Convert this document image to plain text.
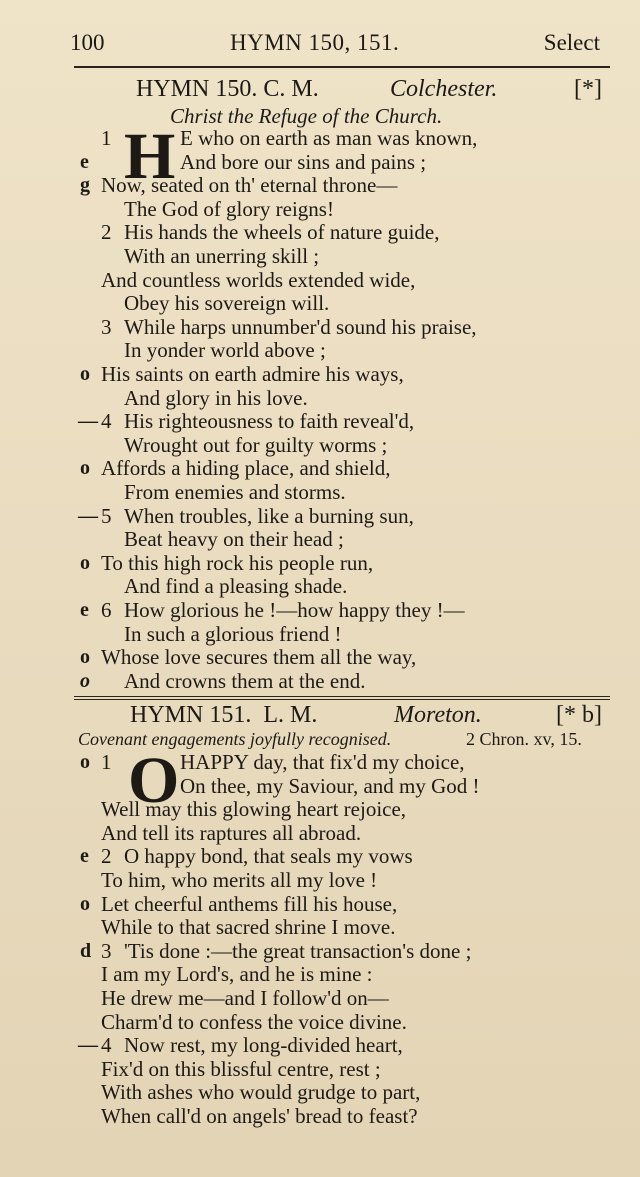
100	HYMN 150, 151.	Select
HYMN 150. C. M.	Colchester.	[*]
Christ the Refuge of the Church.
H
1	E who on earth as man was known,
e	And bore our sins and pains ;
g Now, seated on th' eternal throne—
The God of glory reigns!
2 His hands the wheels of nature guide,
With an unerring skill ;
And countless worlds extended wide,
Obey his sovereign will.
3 While harps unnumber'd sound his praise,
In yonder world above ;
o His saints on earth admire his ways,
And glory in his love.
— 4 His righteousness to faith reveal'd,
Wrought out for guilty worms ;
o Affords a hiding place, and shield,
From enemies and storms.
— 5 When troubles, like a burning sun,
Beat heavy on their head ;
o To this high rock his people run,
And find a pleasing shade.
e 6 How glorious he !—how happy they !—
In such a glorious friend !
o Whose love secures them all the way,
o And crowns them at the end.
HYMN 151. L. M.	Moreton.	[* b]
Covenant engagements joyfully recognised.	2 Chron. xv, 15.
O
o 1	HAPPY day, that fix'd my choice,
On thee, my Saviour, and my God !
Well may this glowing heart rejoice,
And tell its raptures all abroad.
e 2 O happy bond, that seals my vows
To him, who merits all my love !
o Let cheerful anthems fill his house,
While to that sacred shrine I move.
d 3 'Tis done :—the great transaction's done ;
I am my Lord's, and he is mine :
He drew me—and I follow'd on—
Charm'd to confess the voice divine.
— 4 Now rest, my long-divided heart,
Fix'd on this blissful centre, rest ;
With ashes who would grudge to part,
When call'd on angels' bread to feast?
